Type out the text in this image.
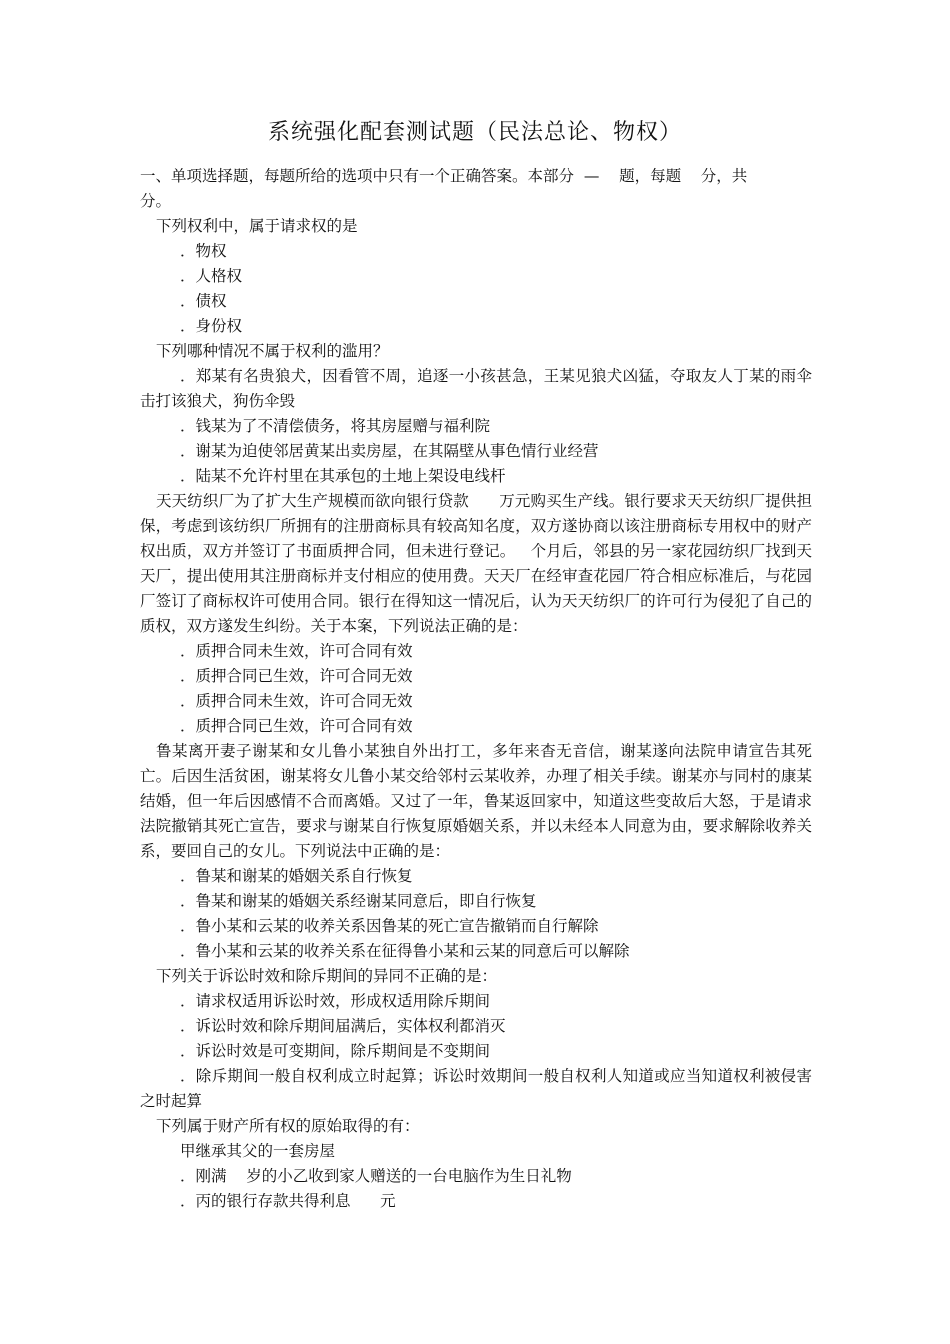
系统强化配套测试题（民法总论、物权）

一、单项选择题，每题所给的选项中只有一个正确答案。本部分  —    题，每题    分，共

分。

下列权利中，属于请求权的是

．物权

．人格权

．债权

．身份权

下列哪种情况不属于权利的滥用？

．郑某有名贵狼犬，因看管不周，追逐一小孩甚急，王某见狼犬凶猛，夺取友人丁某的雨伞击打该狼犬，狗伤伞毁

．钱某为了不清偿债务，将其房屋赠与福利院

．谢某为迫使邻居黄某出卖房屋，在其隔壁从事色情行业经营

．陆某不允许村里在其承包的土地上架设电线杆

天天纺织厂为了扩大生产规模而欲向银行贷款      万元购买生产线。银行要求天天纺织厂提供担保，考虑到该纺织厂所拥有的注册商标具有较高知名度，双方遂协商以该注册商标专用权中的财产权出质，双方并签订了书面质押合同，但未进行登记。   个月后，邻县的另一家花园纺织厂找到天天厂，提出使用其注册商标并支付相应的使用费。天天厂在经审查花园厂符合相应标准后，与花园厂签订了商标权许可使用合同。银行在得知这一情况后，认为天天纺织厂的许可行为侵犯了自己的质权，双方遂发生纠纷。关于本案，下列说法正确的是：

．质押合同未生效，许可合同有效

．质押合同已生效，许可合同无效

．质押合同未生效，许可合同无效

．质押合同已生效，许可合同有效

鲁某离开妻子谢某和女儿鲁小某独自外出打工，多年来杳无音信，谢某遂向法院申请宣告其死亡。后因生活贫困，谢某将女儿鲁小某交给邻村云某收养，办理了相关手续。谢某亦与同村的康某结婚，但一年后因感情不合而离婚。又过了一年，鲁某返回家中，知道这些变故后大怒，于是请求法院撤销其死亡宣告，要求与谢某自行恢复原婚姻关系，并以未经本人同意为由，要求解除收养关系，要回自己的女儿。下列说法中正确的是：

．鲁某和谢某的婚姻关系自行恢复

．鲁某和谢某的婚姻关系经谢某同意后，即自行恢复

．鲁小某和云某的收养关系因鲁某的死亡宣告撤销而自行解除

．鲁小某和云某的收养关系在征得鲁小某和云某的同意后可以解除

下列关于诉讼时效和除斥期间的异同不正确的是：

．请求权适用诉讼时效，形成权适用除斥期间

．诉讼时效和除斥期间届满后，实体权利都消灭

．诉讼时效是可变期间，除斥期间是不变期间

．除斥期间一般自权利成立时起算；诉讼时效期间一般自权利人知道或应当知道权利被侵害之时起算

下列属于财产所有权的原始取得的有：

甲继承其父的一套房屋

．刚满    岁的小乙收到家人赠送的一台电脑作为生日礼物

．丙的银行存款共得利息      元
